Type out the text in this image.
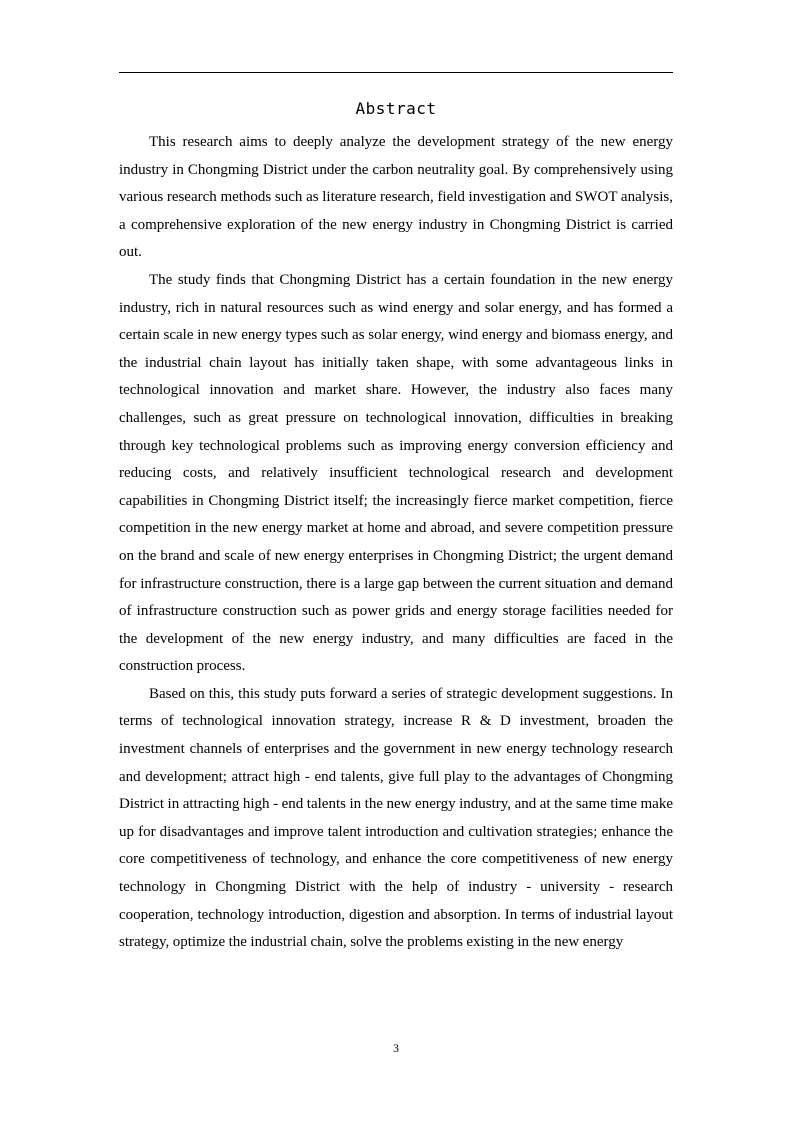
Abstract

This research aims to deeply analyze the development strategy of the new energy industry in Chongming District under the carbon neutrality goal. By comprehensively using various research methods such as literature research, field investigation and SWOT analysis, a comprehensive exploration of the new energy industry in Chongming District is carried out.

The study finds that Chongming District has a certain foundation in the new energy industry, rich in natural resources such as wind energy and solar energy, and has formed a certain scale in new energy types such as solar energy, wind energy and biomass energy, and the industrial chain layout has initially taken shape, with some advantageous links in technological innovation and market share. However, the industry also faces many challenges, such as great pressure on technological innovation, difficulties in breaking through key technological problems such as improving energy conversion efficiency and reducing costs, and relatively insufficient technological research and development capabilities in Chongming District itself; the increasingly fierce market competition, fierce competition in the new energy market at home and abroad, and severe competition pressure on the brand and scale of new energy enterprises in Chongming District; the urgent demand for infrastructure construction, there is a large gap between the current situation and demand of infrastructure construction such as power grids and energy storage facilities needed for the development of the new energy industry, and many difficulties are faced in the construction process.

Based on this, this study puts forward a series of strategic development suggestions. In terms of technological innovation strategy, increase R & D investment, broaden the investment channels of enterprises and the government in new energy technology research and development; attract high - end talents, give full play to the advantages of Chongming District in attracting high - end talents in the new energy industry, and at the same time make up for disadvantages and improve talent introduction and cultivation strategies; enhance the core competitiveness of technology, and enhance the core competitiveness of new energy technology in Chongming District with the help of industry - university - research cooperation, technology introduction, digestion and absorption. In terms of industrial layout strategy, optimize the industrial chain, solve the problems existing in the new energy

3
